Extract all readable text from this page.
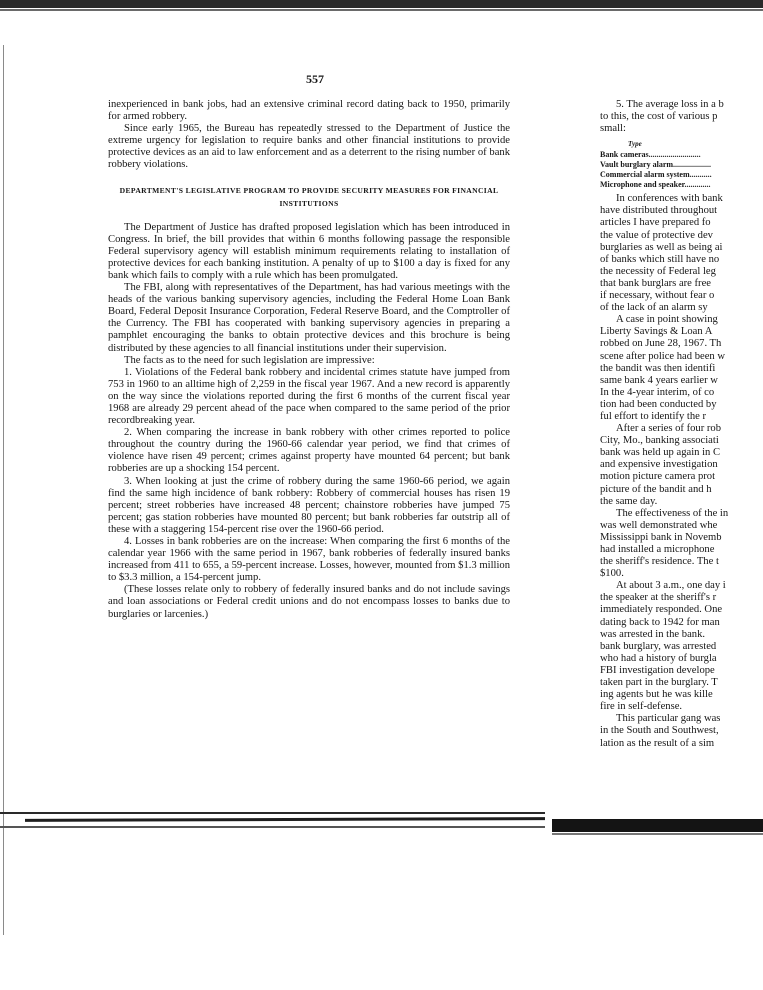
557

inexperienced in bank jobs, had an extensive criminal record dating back to 1950, primarily for armed robbery.

Since early 1965, the Bureau has repeatedly stressed to the Department of Justice the extreme urgency for legislation to require banks and other financial institutions to provide protective devices as an aid to law enforcement and as a deterrent to the rising number of bank robbery violations.

DEPARTMENT'S LEGISLATIVE PROGRAM TO PROVIDE SECURITY MEASURES FOR FINANCIAL INSTITUTIONS

The Department of Justice has drafted proposed legislation which has been introduced in Congress. In brief, the bill provides that within 6 months following passage the responsible Federal supervisory agency will establish minimum requirements relating to installation of protective devices for each banking institution. A penalty of up to $100 a day is fixed for any bank which fails to comply with a rule which has been promulgated.

The FBI, along with representatives of the Department, has had various meetings with the heads of the various banking supervisory agencies, including the Federal Home Loan Bank Board, Federal Deposit Insurance Corporation, Federal Reserve Board, and the Comptroller of the Currency. The FBI has cooperated with banking supervisory agencies in preparing a pamphlet encouraging the banks to obtain protective devices and this brochure is being distributed by these agencies to all financial institutions under their supervision.

The facts as to the need for such legislation are impressive:

1. Violations of the Federal bank robbery and incidental crimes statute have jumped from 753 in 1960 to an alltime high of 2,259 in the fiscal year 1967. And a new record is apparently on the way since the violations reported during the first 6 months of the current fiscal year 1968 are already 29 percent ahead of the pace when compared to the same period of the prior recordbreaking year.

2. When comparing the increase in bank robbery with other crimes reported to police throughout the country during the 1960-66 calendar year period, we find that crimes of violence have risen 49 percent; crimes against property have mounted 64 percent; but bank robberies are up a shocking 154 percent.

3. When looking at just the crime of robbery during the same 1960-66 period, we again find the same high incidence of bank robbery: Robbery of commercial houses has risen 19 percent; street robberies have increased 48 percent; chainstore robberies have jumped 75 percent; gas station robberies have mounted 80 percent; but bank robberies far outstrip all of these with a staggering 154-percent rise over the 1960-66 period.

4. Losses in bank robberies are on the increase: When comparing the first 6 months of the calendar year 1966 with the same period in 1967, bank robberies of federally insured banks increased from 411 to 655, a 59-percent increase. Losses, however, mounted from $1.3 million to $3.3 million, a 154-percent jump.

(These losses relate only to robbery of federally insured banks and do not include savings and loan associations or Federal credit unions and do not encompass losses to banks due to burglaries or larcenies.)

5. The average loss in a b
to this, the cost of various p
small:
Type
Bank cameras..........................
Vault burglary alarm...................
Commercial alarm system...........
Microphone and speaker.............
In conferences with bank
have distributed throughout
articles I have prepared fo
the value of protective dev
burglaries as well as being ai
of banks which still have no
the necessity of Federal leg
that bank burglars are free
if necessary, without fear o
of the lack of an alarm sy
A case in point showing
Liberty Savings & Loan A
robbed on June 28, 1967. Th
scene after police had been w
the bandit was then identifi
same bank 4 years earlier w
In the 4-year interim, of co
tion had been conducted by
ful effort to identify the r
After a series of four rob
City, Mo., banking associati
bank was held up again in C
and expensive investigation
motion picture camera prot
picture of the bandit and h
the same day.
The effectiveness of the in
was well demonstrated whe
Mississippi bank in Novemb
had installed a microphone
the sheriff's residence. The t
$100.
At about 3 a.m., one day i
the speaker at the sheriff's r
immediately responded. One
dating back to 1942 for man
was arrested in the bank.
bank burglary, was arrested
who had a history of burgla
FBI investigation develope
taken part in the burglary. T
ing agents but he was kille
fire in self-defense.
This particular gang was
in the South and Southwest,
lation as the result of a sim
